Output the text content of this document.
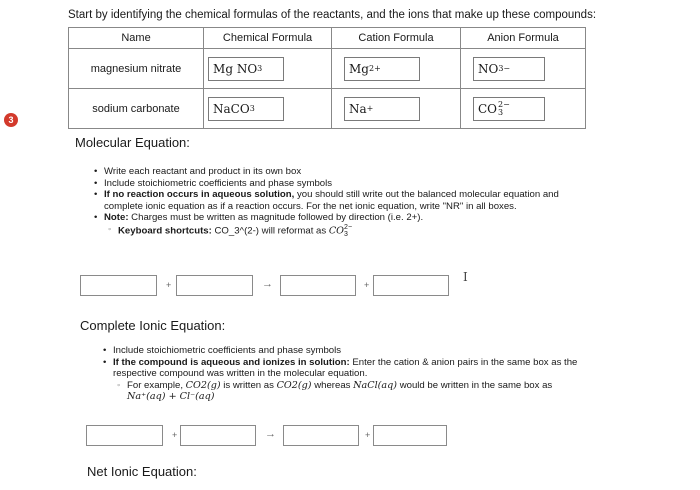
Start by identifying the chemical formulas of the reactants, and the ions that make up these compounds:
Name	Chemical Formula	Cation Formula	Anion Formula
magnesium nitrate	Mg NO 3	Mg 2+	NO 3−

sodium carbonate	NaCO 3	Na +	CO 2−
3
3
Molecular Equation:
• Write each reactant and product in its own box
• Include stoichiometric coefficients and phase symbols
• If no reaction occurs in aqueous solution, you should still write out the balanced molecular equation and complete ionic equation as if a reaction occurs. For the net ionic equation, write "NR" in all boxes.
• Note: Charges must be written as magnitude followed by direction (i.e. 2+).
◦ Keyboard shortcuts: CO_3^(2-) will reformat as CO 2−
3
+	→	+
I
Complete Ionic Equation:
• Include stoichiometric coefficients and phase symbols
• If the compound is aqueous and ionizes in solution: Enter the cation & anion pairs in the same box as the respective compound was written in the molecular equation.
◦ For example, CO2(g) is written as CO2(g) whereas NaCl(aq) would be written in the same box as Na⁺(aq) + Cl⁻(aq)
+	→	+
Net Ionic Equation:
